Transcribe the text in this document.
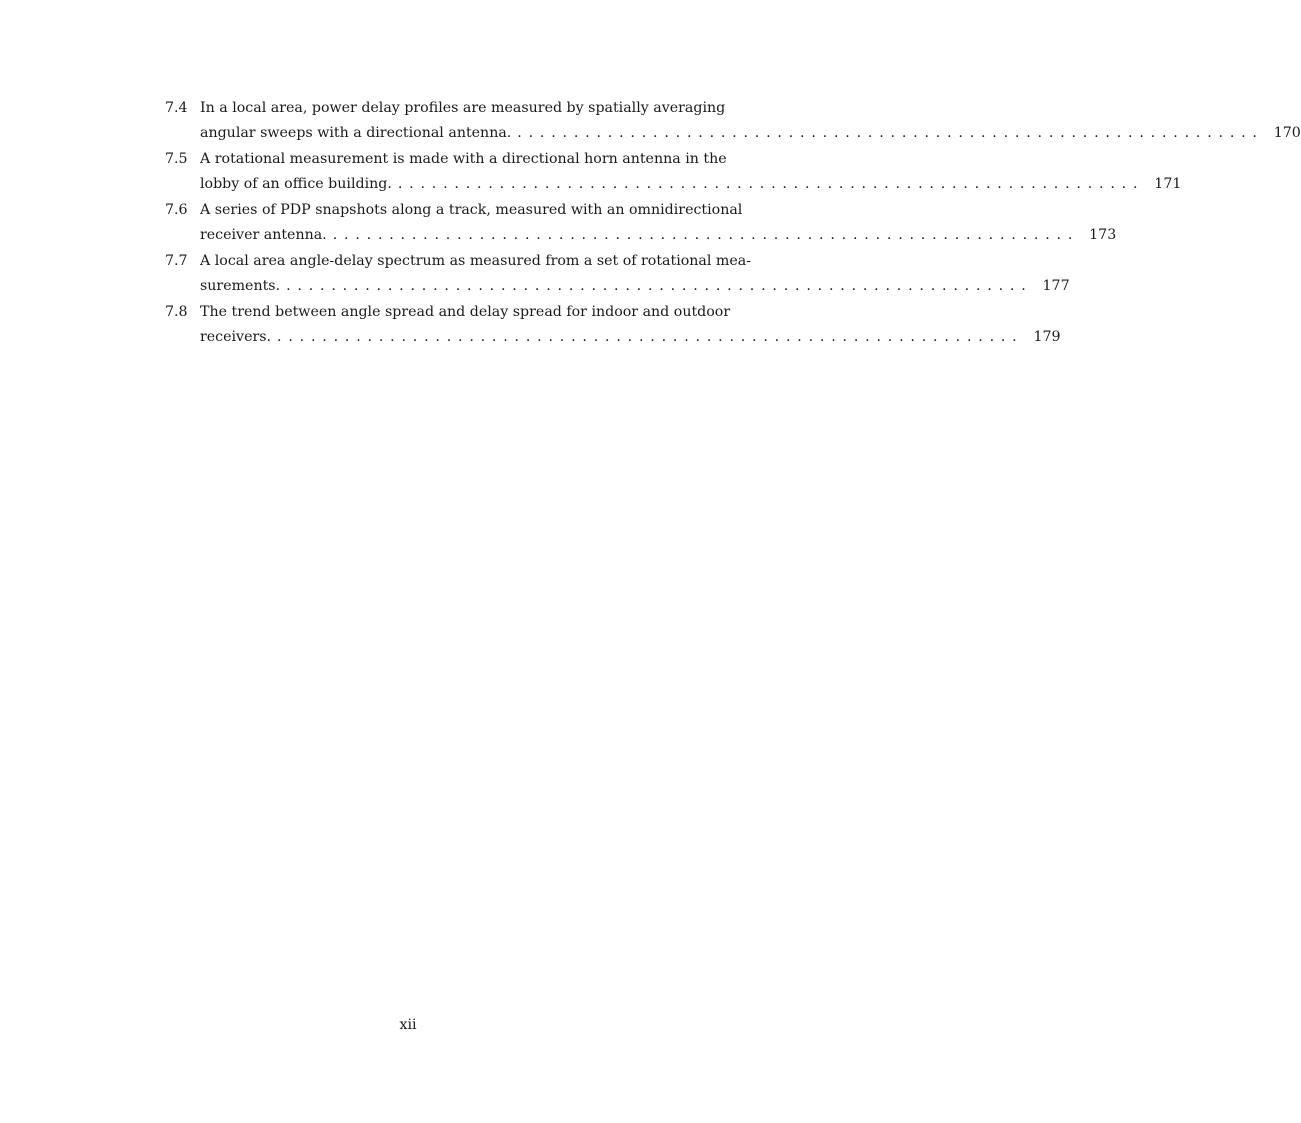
7.4 In a local area, power delay profiles are measured by spatially averaging
angular sweeps with a directional antenna. .................................................................. 170
7.5 A rotational measurement is made with a directional horn antenna in the
lobby of an office building. .................................................................. 171
7.6 A series of PDP snapshots along a track, measured with an omnidirectional
receiver antenna. .................................................................. 173
7.7 A local area angle-delay spectrum as measured from a set of rotational mea-
surements. .................................................................. 177
7.8 The trend between angle spread and delay spread for indoor and outdoor
receivers. .................................................................. 179
xii
